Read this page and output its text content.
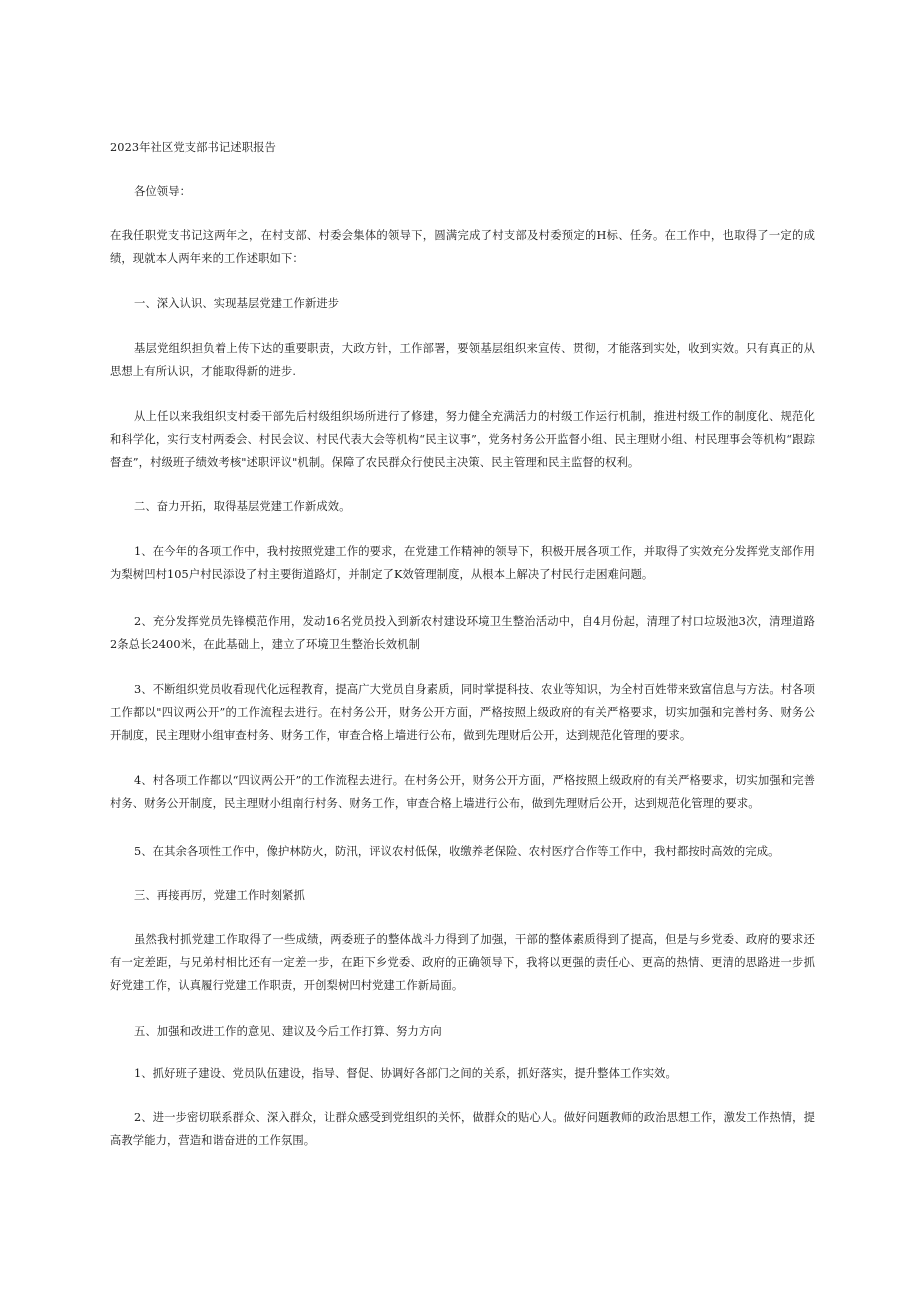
2023年社区党支部书记述职报告

各位领导：

在我任职党支书记这两年之，在村支部、村委会集体的领导下，圆满完成了村支部及村委预定的H标、任务。在工作中，也取得了一定的成绩，现就本人两年来的工作述职如下：

一、深入认识、实现基层党建工作新进步

基层党组织担负着上传下达的重要职责，大政方针，工作部署，要领基层组织来宣传、贯彻，才能落到实处，收到实效。只有真正的从思想上有所认识，才能取得新的进步.

从上任以来我组织支村委干部先后村级组织场所进行了修建，努力健全充满活力的村级工作运行机制，推进村级工作的制度化、规范化和科学化，实行支村两委会、村民会议、村民代表大会等机构“民主议事”，党务村务公开监督小组、民主理财小组、村民理事会等机构“跟踪督查”，村级班子绩效考核"述职评议"机制。保障了农民群众行使民主决策、民主管理和民主监督的权利。

二、奋力开拓，取得基层党建工作新成效。

1、在今年的各项工作中，我村按照党建工作的要求，在党建工作精神的领导下，积极开展各项工作，并取得了实效充分发挥党支部作用为梨树凹村105户村民添设了村主要街道路灯，并制定了K效管理制度，从根本上解决了村民行走困难问题。

2、充分发挥党员先锋模范作用，发动16名党员投入到新农村建设环境卫生整治活动中，自4月份起，清理了村口垃圾池3次，清理道路2条总长2400米，在此基础上，建立了环境卫生整治长效机制

3、不断组织党员收看现代化远程教育，提高广大党员自身素质，同时掌提科技、农业等知识，为全村百姓带来致富信息与方法。村各项工作都以"四议两公开”的工作流程去进行。在村务公开，财务公开方面，严格按照上级政府的有关严格要求，切实加强和完善村务、财务公开制度，民主理财小组审查村务、财务工作，审查合格上墙进行公布，做到先理财后公开，达到规范化管理的要求。

4、村各项工作都以“四议两公开”的工作流程去进行。在村务公开，财务公开方面，严格按照上级政府的有关严格要求，切实加强和完善村务、财务公开制度，民主理财小组南行村务、财务工作，审查合格上墙进行公布，做到先理财后公开，达到规范化管理的要求。

5、在其余各项性工作中，像护林防火，防汛，评议农村低保，收缴养老保险、农村医疗合作等工作中，我村都按时高效的完成。

三、再接再厉，党建工作时刻紧抓

虽然我村抓党建工作取得了一些成绩，两委班子的整体战斗力得到了加强，干部的整体素质得到了提高，但是与乡党委、政府的要求还有一定差距，与兄弟村相比还有一定差一步，在距下乡党委、政府的正确领导下，我将以更强的责任心、更高的热情、更清的思路进一步抓好党建工作，认真履行党建工作职责，开创梨树凹村党建工作新局面。

五、加强和改进工作的意见、建议及今后工作打算、努力方向

1、抓好班子建设、党员队伍建设，指导、督促、协调好各部门之间的关系，抓好落实，提升整体工作实效。

2、进一步密切联系群众、深入群众，让群众感受到党组织的关怀，做群众的贴心人。做好问题教师的政治思想工作，激发工作热情，提高教学能力，营造和谐奋进的工作氛围。
